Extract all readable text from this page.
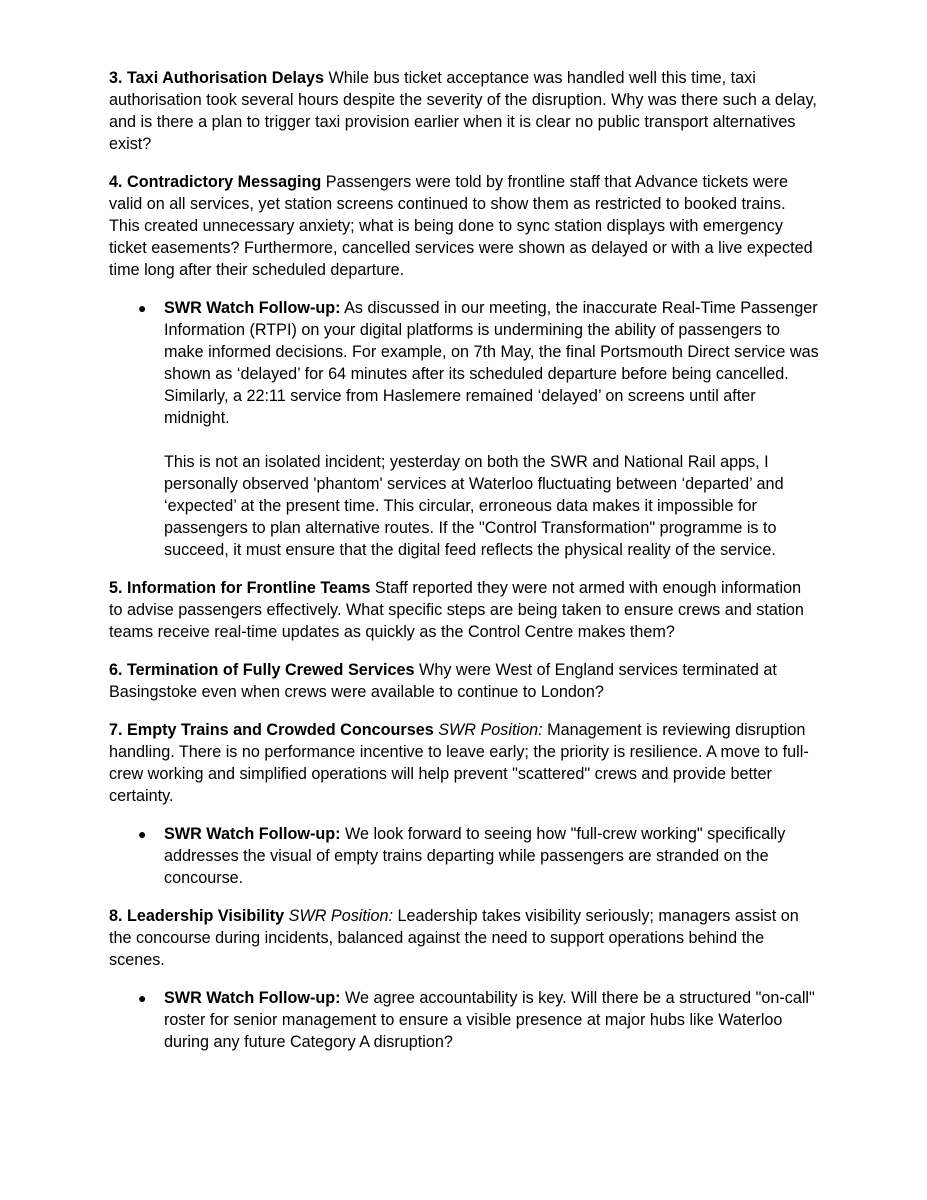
3. Taxi Authorisation Delays While bus ticket acceptance was handled well this time, taxi authorisation took several hours despite the severity of the disruption. Why was there such a delay, and is there a plan to trigger taxi provision earlier when it is clear no public transport alternatives exist?

4. Contradictory Messaging Passengers were told by frontline staff that Advance tickets were valid on all services, yet station screens continued to show them as restricted to booked trains. This created unnecessary anxiety; what is being done to sync station displays with emergency ticket easements? Furthermore, cancelled services were shown as delayed or with a live expected time long after their scheduled departure.

● SWR Watch Follow-up: As discussed in our meeting, the inaccurate Real-Time Passenger Information (RTPI) on your digital platforms is undermining the ability of passengers to make informed decisions. For example, on 7th May, the final Portsmouth Direct service was shown as ‘delayed’ for 64 minutes after its scheduled departure before being cancelled. Similarly, a 22:11 service from Haslemere remained ‘delayed’ on screens until after midnight.

This is not an isolated incident; yesterday on both the SWR and National Rail apps, I personally observed 'phantom' services at Waterloo fluctuating between ‘departed’ and ‘expected’ at the present time. This circular, erroneous data makes it impossible for passengers to plan alternative routes. If the "Control Transformation" programme is to succeed, it must ensure that the digital feed reflects the physical reality of the service.

5. Information for Frontline Teams Staff reported they were not armed with enough information to advise passengers effectively. What specific steps are being taken to ensure crews and station teams receive real-time updates as quickly as the Control Centre makes them?

6. Termination of Fully Crewed Services Why were West of England services terminated at Basingstoke even when crews were available to continue to London?

7. Empty Trains and Crowded Concourses SWR Position: Management is reviewing disruption handling. There is no performance incentive to leave early; the priority is resilience. A move to full-crew working and simplified operations will help prevent "scattered" crews and provide better certainty.

● SWR Watch Follow-up: We look forward to seeing how "full-crew working" specifically addresses the visual of empty trains departing while passengers are stranded on the concourse.

8. Leadership Visibility SWR Position: Leadership takes visibility seriously; managers assist on the concourse during incidents, balanced against the need to support operations behind the scenes.

● SWR Watch Follow-up: We agree accountability is key. Will there be a structured "on-call" roster for senior management to ensure a visible presence at major hubs like Waterloo during any future Category A disruption?
